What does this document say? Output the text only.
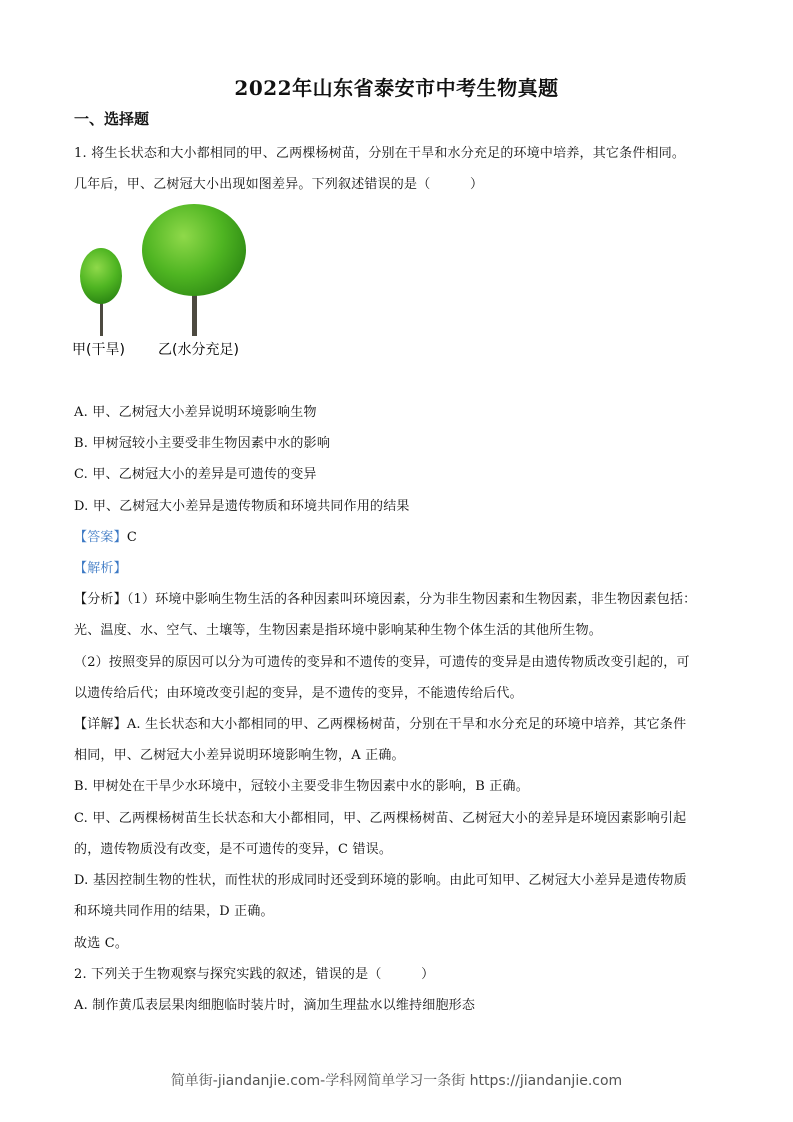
2022年山东省泰安市中考生物真题
一、选择题
1. 将生长状态和大小都相同的甲、乙两棵杨树苗，分别在干旱和水分充足的环境中培养，其它条件相同。
几年后，甲、乙树冠大小出现如图差异。下列叙述错误的是（　　　）
甲(干旱) 乙(水分充足)
A. 甲、乙树冠大小差异说明环境影响生物
B. 甲树冠较小主要受非生物因素中水的影响
C. 甲、乙树冠大小的差异是可遗传的变异
D. 甲、乙树冠大小差异是遗传物质和环境共同作用的结果
【答案】C
【解析】
【分析】（1）环境中影响生物生活的各种因素叫环境因素，分为非生物因素和生物因素，非生物因素包括：
光、温度、水、空气、土壤等，生物因素是指环境中影响某种生物个体生活的其他所生物。
（2）按照变异的原因可以分为可遗传的变异和不遗传的变异，可遗传的变异是由遗传物质改变引起的，可
以遗传给后代；由环境改变引起的变异，是不遗传的变异，不能遗传给后代。
【详解】A. 生长状态和大小都相同的甲、乙两棵杨树苗，分别在干旱和水分充足的环境中培养，其它条件
相同，甲、乙树冠大小差异说明环境影响生物，A 正确。
B. 甲树处在干旱少水环境中，冠较小主要受非生物因素中水的影响，B 正确。
C. 甲、乙两棵杨树苗生长状态和大小都相同，甲、乙两棵杨树苗、乙树冠大小的差异是环境因素影响引起
的，遗传物质没有改变，是不可遗传的变异，C 错误。
D. 基因控制生物的性状，而性状的形成同时还受到环境的影响。由此可知甲、乙树冠大小差异是遗传物质
和环境共同作用的结果，D 正确。
故选 C。
2. 下列关于生物观察与探究实践的叙述，错误的是（　　　）
A. 制作黄瓜表层果肉细胞临时装片时，滴加生理盐水以维持细胞形态
简单街-jiandanjie.com-学科网简单学习一条街 https://jiandanjie.com
